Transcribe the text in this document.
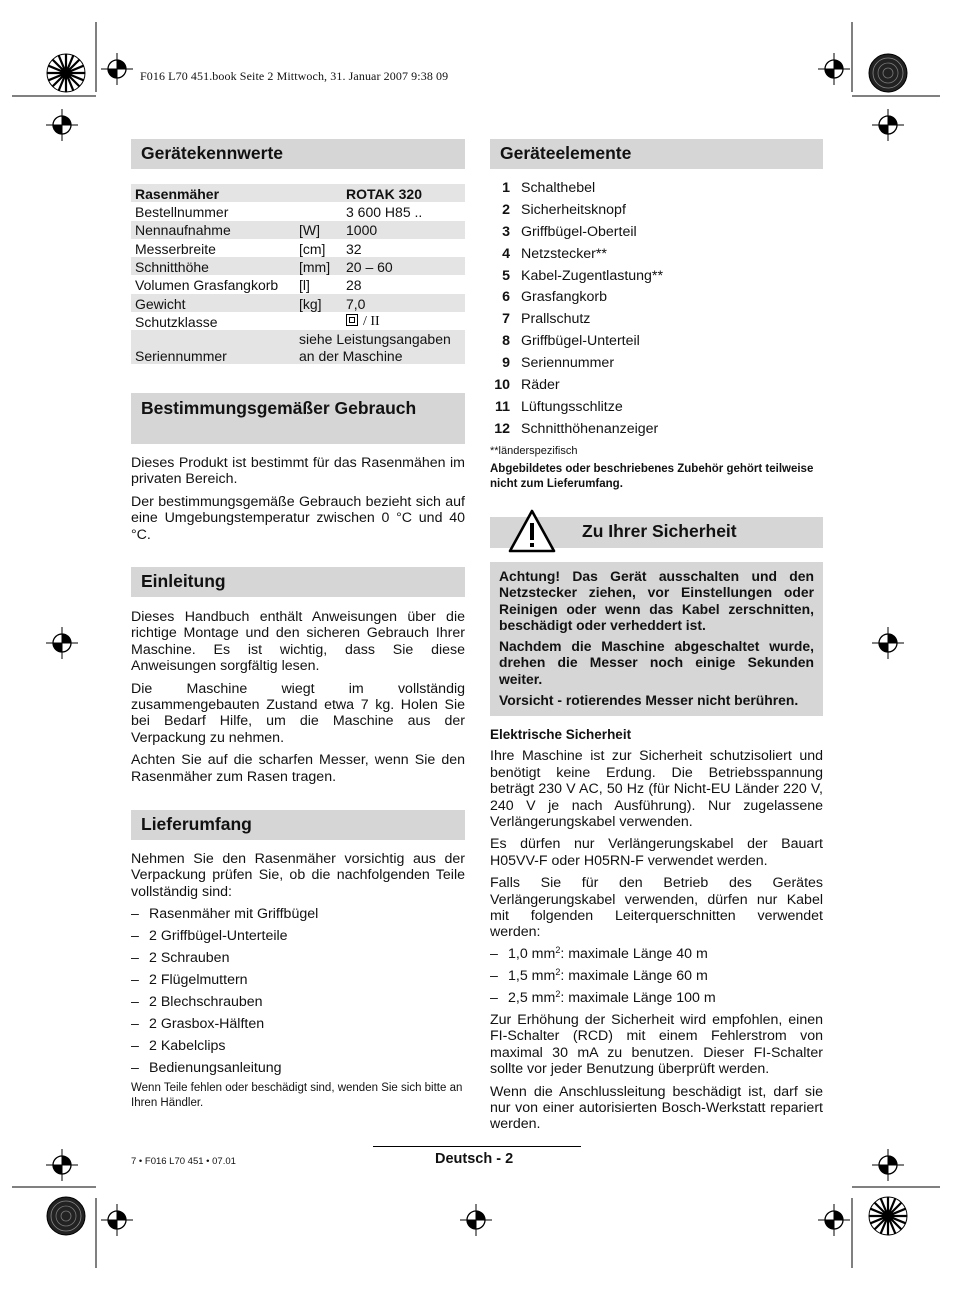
F016 L70 451.book Seite 2 Mittwoch, 31. Januar 2007 9:38 09
Gerätekennwerte
Rasenmäher		ROTAK 320
Bestellnummer		3 600 H85 ..
Nennaufnahme	[W]	1000
Messerbreite	[cm]	32
Schnitthöhe	[mm]	20 – 60
Volumen Grasfangkorb	[l]	28
Gewicht	[kg]	7,0
Schutzklasse		/ II
Seriennummer	siehe Leistungsangaben an der Maschine	
Bestimmungsgemäßer Gebrauch

Dieses Produkt ist bestimmt für das Rasenmähen im privaten Bereich.

Der bestimmungsgemäße Gebrauch bezieht sich auf eine Umgebungstemperatur zwischen 0 °C und 40 °C.

Einleitung

Dieses Handbuch enthält Anweisungen über die richtige Montage und den sicheren Gebrauch Ihrer Maschine. Es ist wichtig, dass Sie diese Anweisungen sorgfältig lesen.

Die Maschine wiegt im vollständig zusammengebauten Zustand etwa 7 kg. Holen Sie bei Bedarf Hilfe, um die Maschine aus der Verpackung zu nehmen.

Achten Sie auf die scharfen Messer, wenn Sie den Rasenmäher zum Rasen tragen.

Lieferumfang

Nehmen Sie den Rasenmäher vorsichtig aus der Verpackung prüfen Sie, ob die nachfolgenden Teile vollständig sind:

– Rasenmäher mit Griffbügel
– 2 Griffbügel-Unterteile
– 2 Schrauben
– 2 Flügelmuttern
– 2 Blechschrauben
– 2 Grasbox-Hälften
– 2 Kabelclips
– Bedienungsanleitung

Wenn Teile fehlen oder beschädigt sind, wenden Sie sich bitte an Ihren Händler.

Geräteelemente
1 Schalthebel
2 Sicherheitsknopf
3 Griffbügel-Oberteil
4 Netzstecker**
5 Kabel-Zugentlastung**
6 Grasfangkorb
7 Prallschutz
8 Griffbügel-Unterteil
9 Seriennummer
10 Räder
11 Lüftungsschlitze
12 Schnitthöhenanzeiger
**länderspezifisch
Abgebildetes oder beschriebenes Zubehör gehört teilweise nicht zum Lieferumfang.
Zu Ihrer Sicherheit

Achtung! Das Gerät ausschalten und den Netzstecker ziehen, vor Einstellungen oder Reinigen oder wenn das Kabel zerschnitten, beschädigt oder verheddert ist.

Nachdem die Maschine abgeschaltet wurde, drehen die Messer noch einige Sekunden weiter.

Vorsicht - rotierendes Messer nicht berühren.

Elektrische Sicherheit

Ihre Maschine ist zur Sicherheit schutzisoliert und benötigt keine Erdung. Die Betriebsspannung beträgt 230 V AC, 50 Hz (für Nicht-EU Länder 220 V, 240 V je nach Ausführung). Nur zugelassene Verlängerungskabel verwenden.

Es dürfen nur Verlängerungskabel der Bauart H05VV-F oder H05RN-F verwendet werden.

Falls Sie für den Betrieb des Gerätes Verlängerungskabel verwenden, dürfen nur Kabel mit folgenden Leiterquerschnitten verwendet werden:

– 1,0 $mm^2$: maximale Länge 40 m
– 1,5 $mm^2$: maximale Länge 60 m
– 2,5 $mm^2$: maximale Länge 100 m

Zur Erhöhung der Sicherheit wird empfohlen, einen FI-Schalter (RCD) mit einem Fehlerstrom von maximal 30 mA zu benutzen. Dieser FI-Schalter sollte vor jeder Benutzung überprüft werden.

Wenn die Anschlussleitung beschädigt ist, darf sie nur von einer autorisierten Bosch-Werkstatt repariert werden.

7 • F016 L70 451 • 07.01	Deutsch - 2
